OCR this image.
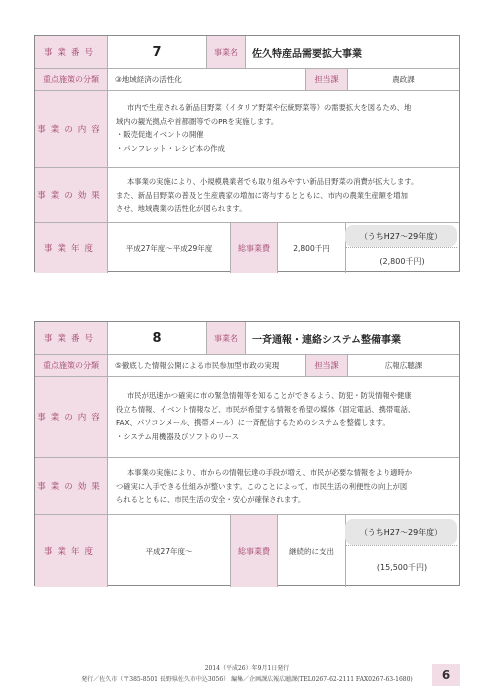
事業番号	7	事業名	佐久特産品需要拡大事業
重点施策の分類	③地域経済の活性化	担当課	農政課
事業の内容
市内で生産される新品目野菜（イタリア野菜や伝統野菜等）の需要拡大を図るため、地
域内の観光拠点や首都圏等でのPRを実施します。
・販売促進イベントの開催
・パンフレット・レシピ本の作成
事業の効果
本事業の実施により、小規模農業者でも取り組みやすい新品目野菜の消費が拡大します。
また、新品目野菜の普及と生産農家の増加に寄与するとともに、市内の農業生産額を増加
させ、地域農業の活性化が図られます。
事業年度	平成27年度〜平成29年度	総事業費	2,800千円
（うちH27〜29年度）
(2,800千円)
事業番号	8	事業名	一斉通報・連絡システム整備事業
重点施策の分類	⑤徹底した情報公開による市民参加型市政の実現	担当課	広報広聴課
事業の内容
市民が迅速かつ確実に市の緊急情報等を知ることができるよう、防犯・防災情報や健康
役立ち情報、イベント情報など、市民が希望する情報を希望の媒体（固定電話、携帯電話、
FAX、パソコンメール、携帯メール）に一斉配信するためのシステムを整備します。
・システム用機器及びソフトのリース
事業の効果
本事業の実施により、市からの情報伝達の手段が増え、市民が必要な情報をより適時か
つ確実に入手できる仕組みが整います。このことによって、市民生活の利便性の向上が図
られるとともに、市民生活の安全・安心が確保されます。
事業年度	平成27年度〜	総事業費	継続的に支出
（うちH27〜29年度）
(15,500千円)
2014（平成26）年9月1日発行
発行／佐久市（〒385-8501 長野県佐久市中込3056） 編集／企画課広報広聴課(TEL0267-62-2111 FAX0267-63-1680)	6
